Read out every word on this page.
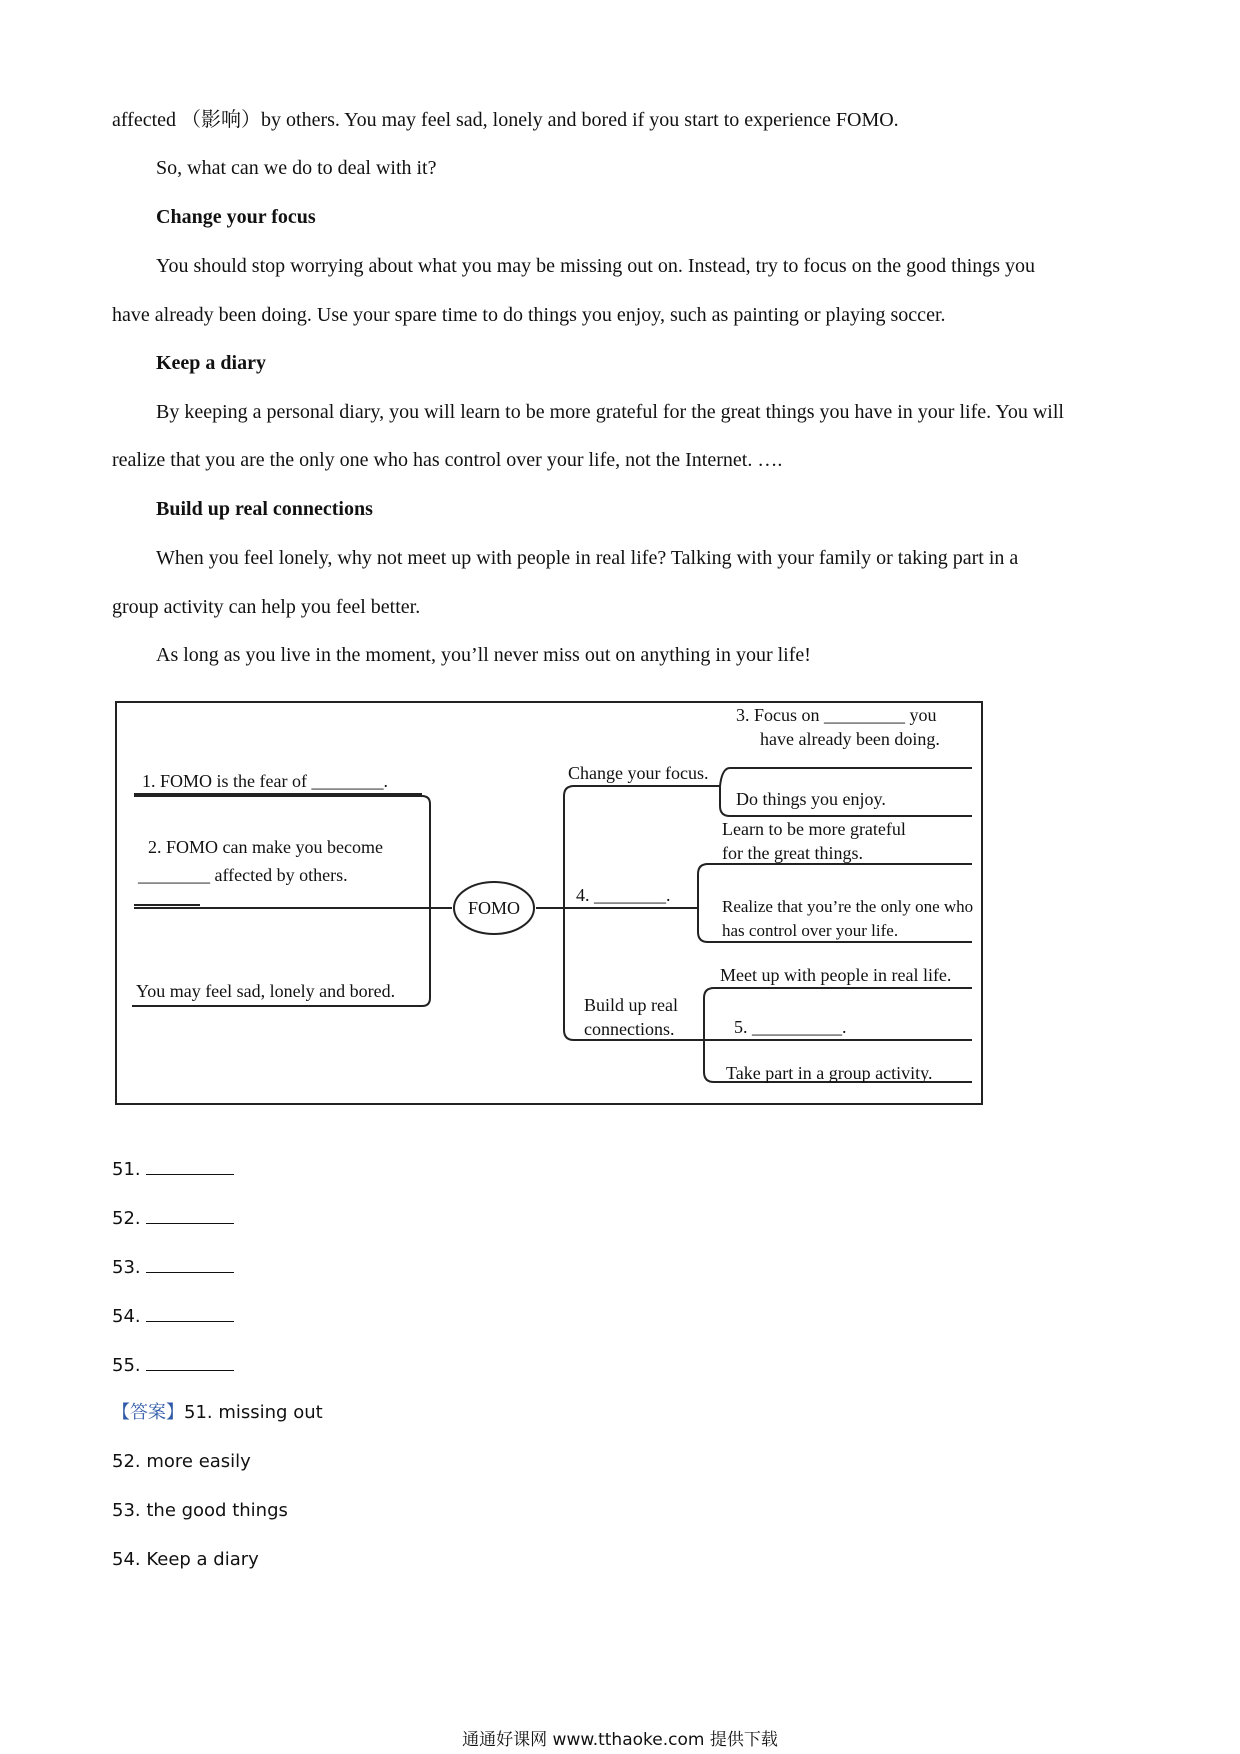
affected （影响）by others. You may feel sad, lonely and bored if you start to experience FOMO.
So, what can we do to deal with it?
Change your focus
You should stop worrying about what you may be missing out on. Instead, try to focus on the good things you
have already been doing. Use your spare time to do things you enjoy, such as painting or playing soccer.
Keep a diary
By keeping a personal diary, you will learn to be more grateful for the great things you have in your life. You will
realize that you are the only one who has control over your life, not the Internet. ….
Build up real connections
When you feel lonely, why not meet up with people in real life? Talking with your family or taking part in a
group activity can help you feel better.
As long as you live in the moment, you’ll never miss out on anything in your life!
FOMO
1. FOMO is the fear of ________.
2. FOMO can make you become
________ affected by others.
You may feel sad, lonely and bored.
Change your focus.
3. Focus on _________ you
have already been doing.
Do things you enjoy.
4. ________.
Learn to be more grateful
for the great things.
Realize that you’re the only one who
has control over your life.
Build up real
connections.
Meet up with people in real life.
5. __________.
Take part in a group activity.
51.
52.
53.
54.
55.
【答案】51. missing out
52. more easily
53. the good things
54. Keep a diary
通通好课网 www.tthaoke.com 提供下载
